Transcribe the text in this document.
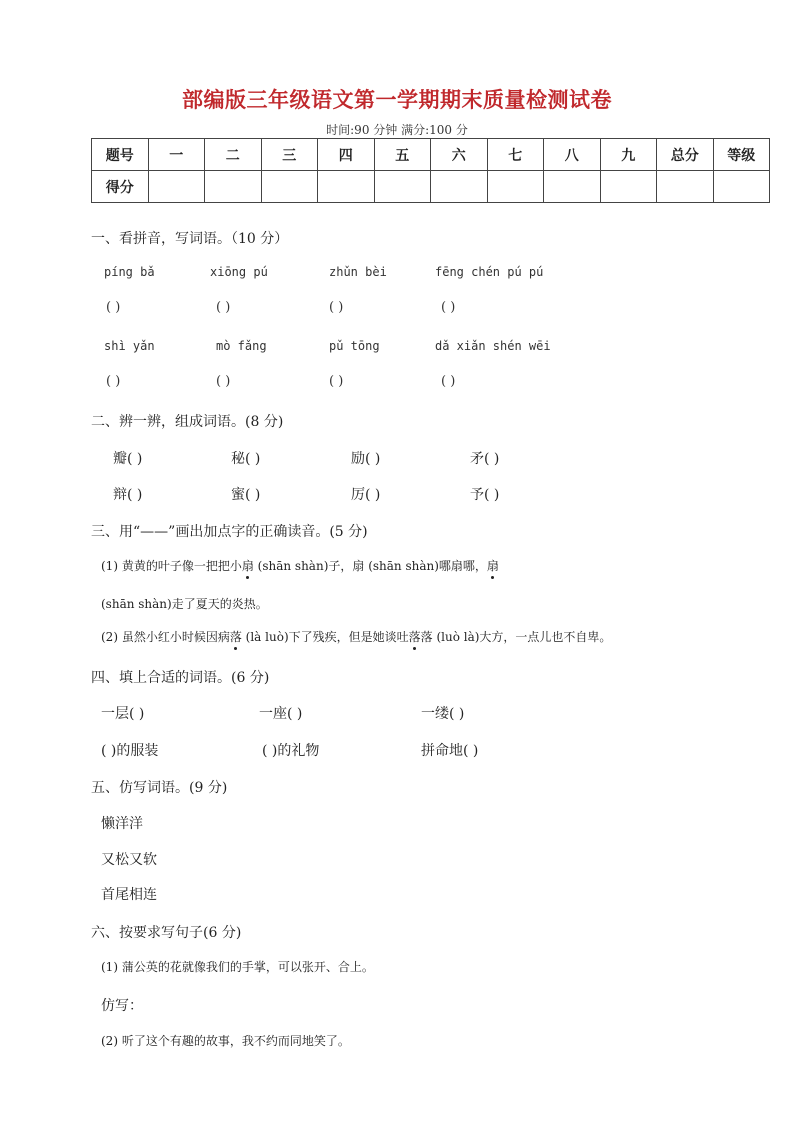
部编版三年级语文第一学期期末质量检测试卷
时间:90 分钟 满分:100 分
题号	一	二	三	四	五	六	七	八	九	总分	等级
得分											
一、看拼音，写词语。（10 分）
píng bǎ	xiōng pú	zhǔn bèi	fēng chén pú pú
( )	( )	( )	( )
shì yǎn	mò fǎng	pǔ tōng	dǎ xiǎn shén wēi
( )	( )	( )	( )
二、辨一辨，组成词语。(8 分)
瓣( )	秘( )	励( )	矛( )
辩( )	蜜( )	厉( )	予( )
三、用“——”画出加点字的正确读音。(5 分)
(1) 黄黄的叶子像一把把小扇 (shān shàn)子，扇 (shān shàn)哪扇哪，扇
(shān shàn)走了夏天的炎热。
(2) 虽然小红小时候因病落 (là luò)下了残疾，但是她谈吐落落 (luò là)大方，一点儿也不自卑。
四、填上合适的词语。(6 分)
一层( )	一座( )	一缕( )
( )的服装	( )的礼物	拼命地( )
五、仿写词语。(9 分)
懒洋洋
又松又软
首尾相连
六、按要求写句子(6 分)
(1) 蒲公英的花就像我们的手掌，可以张开、合上。
仿写：
(2) 听了这个有趣的故事，我不约而同地笑了。
